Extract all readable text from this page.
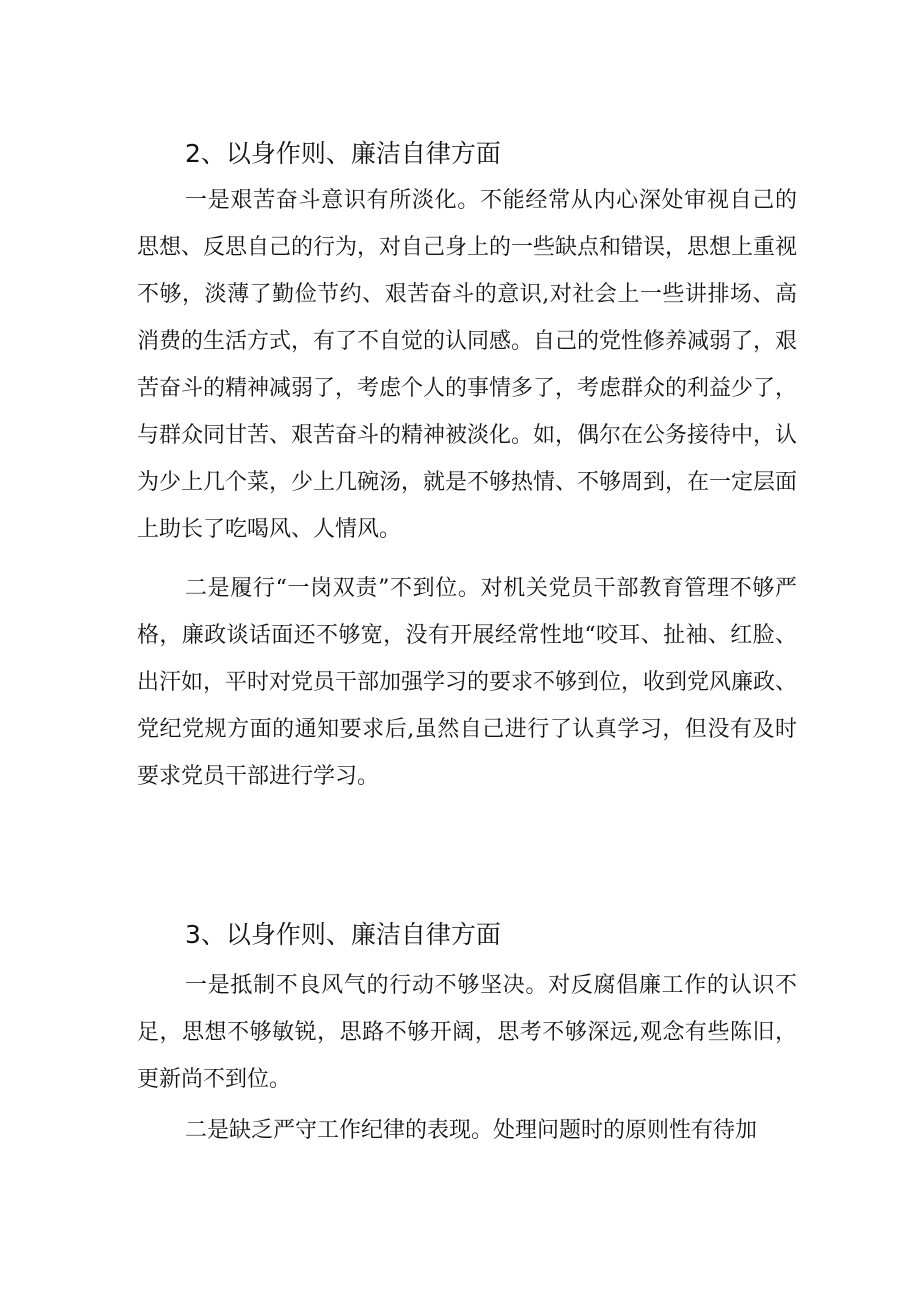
2、以身作则、廉洁自律方面

一是艰苦奋斗意识有所淡化。不能经常从内心深处审视自己的思想、反思自己的行为，对自己身上的一些缺点和错误，思想上重视不够，淡薄了勤俭节约、艰苦奋斗的意识,对社会上一些讲排场、高消费的生活方式，有了不自觉的认同感。自己的党性修养减弱了，艰苦奋斗的精神减弱了，考虑个人的事情多了，考虑群众的利益少了，与群众同甘苦、艰苦奋斗的精神被淡化。如，偶尔在公务接待中，认为少上几个菜，少上几碗汤，就是不够热情、不够周到，在一定层面上助长了吃喝风、人情风。

二是履行“一岗双责”不到位。对机关党员干部教育管理不够严格，廉政谈话面还不够宽，没有开展经常性地“咬耳、扯袖、红脸、出汗如，平时对党员干部加强学习的要求不够到位，收到党风廉政、党纪党规方面的通知要求后,虽然自己进行了认真学习，但没有及时要求党员干部进行学习。

3、以身作则、廉洁自律方面

一是抵制不良风气的行动不够坚决。对反腐倡廉工作的认识不足，思想不够敏锐，思路不够开阔，思考不够深远,观念有些陈旧，更新尚不到位。

二是缺乏严守工作纪律的表现。处理问题时的原则性有待加
